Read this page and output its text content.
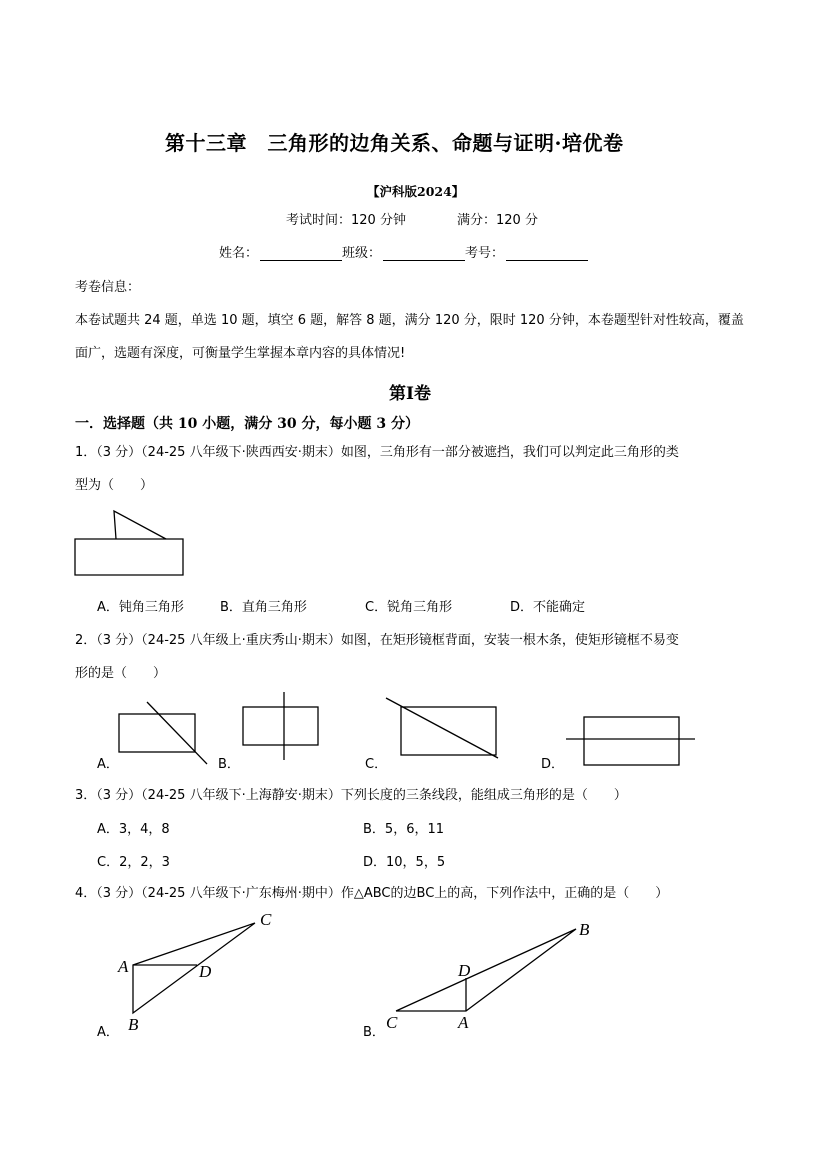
第十三章　三角形的边角关系、命题与证明·培优卷
【沪科版2024】
考试时间：120 分钟	满分：120 分
姓名：	班级：	考号：
考卷信息：
本卷试题共 24 题，单选 10 题，填空 6 题，解答 8 题，满分 120 分，限时 120 分钟，本卷题型针对性较高，覆盖
面广，选题有深度，可衡量学生掌握本章内容的具体情况!
第Ⅰ卷
一．选择题（共 10 小题，满分 30 分，每小题 3 分）
1．（3 分）（24-25 八年级下·陕西西安·期末）如图，三角形有一部分被遮挡，我们可以判定此三角形的类
型为（　　）
A．钝角三角形	B．直角三角形	C．锐角三角形	D．不能确定
2．（3 分）（24-25 八年级上·重庆秀山·期末）如图，在矩形镜框背面，安装一根木条，使矩形镜框不易变
形的是（　　）
A．	B．	C．	D．
3．（3 分）（24-25 八年级下·上海静安·期末）下列长度的三条线段，能组成三角形的是（　　）
A．3，4，8	B．5，6，11
C．2，2，3	D．10，5，5
4．（3 分）（24-25 八年级下·广东梅州·期中）作△ABC的边BC上的高，下列作法中，正确的是（　　）
C
A	D
B
A．
B
D
C	A
B．
